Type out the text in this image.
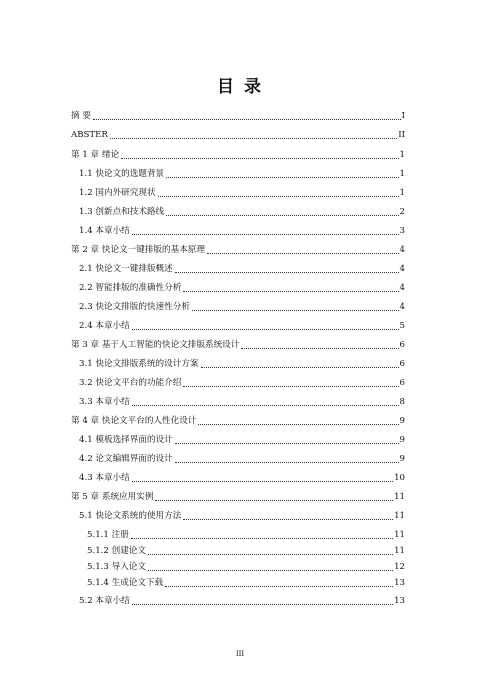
目 录
摘 要	I
ABSTER	II
第 1 章 绪论	1
1.1 快论文的选题背景	1
1.2 国内外研究现状	1
1.3 创新点和技术路线	2
1.4 本章小结	3
第 2 章 快论文一键排版的基本原理	4
2.1 快论文一键排版概述	4
2.2 智能排版的准确性分析	4
2.3 快论文排版的快速性分析	4
2.4 本章小结	5
第 3 章 基于人工智能的快论文排版系统设计	6
3.1 快论文排版系统的设计方案	6
3.2 快论文平台的功能介绍	6
3.3 本章小结	8
第 4 章 快论文平台的人性化设计	9
4.1 模板选择界面的设计	9
4.2 论文编辑界面的设计	9
4.3 本章小结	10
第 5 章 系统应用实例	11
5.1 快论文系统的使用方法	11
5.1.1 注册	11
5.1.2 创建论文	11
5.1.3 导入论文	12
5.1.4 生成论文下载	13
5.2 本章小结	13
III
